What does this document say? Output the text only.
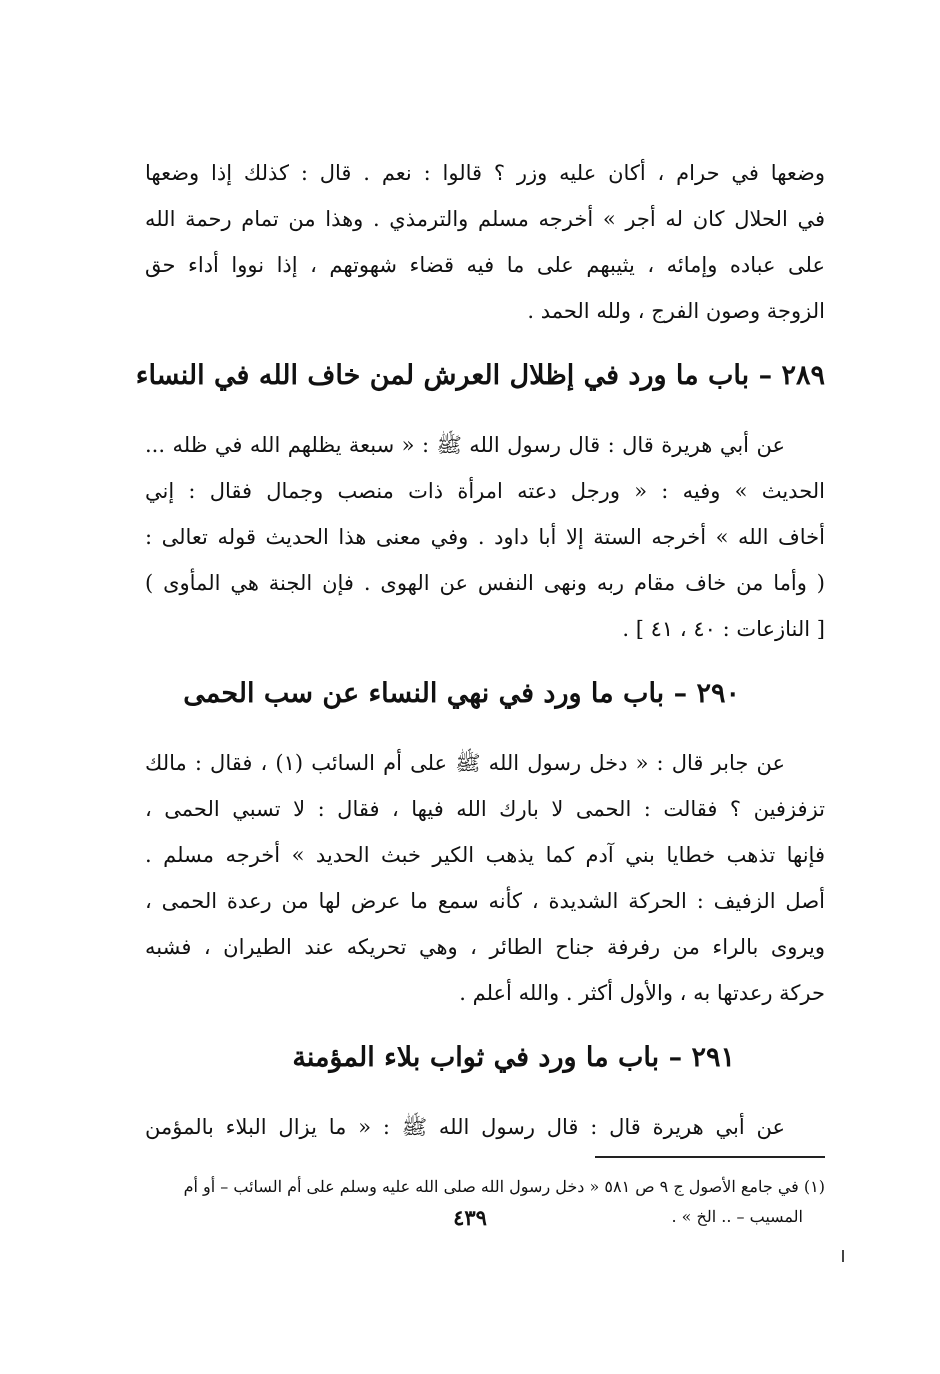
وضعها في حرام ، أكان عليه وزر ؟ قالوا : نعم . قال : كذلك إذا وضعها
في الحلال كان له أجر » أخرجه مسلم والترمذي . وهذا من تمام رحمة الله
على عباده وإمائه ، يثيبهم على ما فيه قضاء شهوتهم ، إذا نووا أداء حق
الزوجة وصون الفرج ، ولله الحمد .

٢٨٩ – باب ما ورد في إظلال العرش لمن خاف الله في النساء

عن أبي هريرة قال : قال رسول الله ﷺ : « سبعة يظلهم الله في ظله ...
الحديث » وفيه : « ورجل دعته امرأة ذات منصب وجمال فقال : إني
أخاف الله » أخرجه الستة إلا أبا داود . وفي معنى هذا الحديث قوله تعالى :
( وأما من خاف مقام ربه ونهى النفس عن الهوى . فإن الجنة هي المأوى )
[ النازعات : ٤٠ ، ٤١ ] .

٢٩٠ – باب ما ورد في نهي النساء عن سب الحمى

عن جابر قال : « دخل رسول الله ﷺ على أم السائب (١) ، فقال : مالك
تزفزفين ؟ فقالت : الحمى لا بارك الله فيها ، فقال : لا تسبي الحمى ،
فإنها تذهب خطايا بني آدم كما يذهب الكير خبث الحديد » أخرجه مسلم .
أصل الزفيف : الحركة الشديدة ، كأنه سمع ما عرض لها من رعدة الحمى ،
ويروى بالراء من رفرفة جناح الطائر ، وهي تحريكه عند الطيران ، فشبه
حركة رعدتها به ، والأول أكثر . والله أعلم .

٢٩١ – باب ما ورد في ثواب بلاء المؤمنة

عن أبي هريرة قال : قال رسول الله ﷺ : « ما يزال البلاء بالمؤمن

(١) في جامع الأصول ج ٩ ص ٥٨١ « دخل رسول الله صلى الله عليه وسلم على أم السائب – أو أم
المسيب – .. الخ » .

٤٣٩
